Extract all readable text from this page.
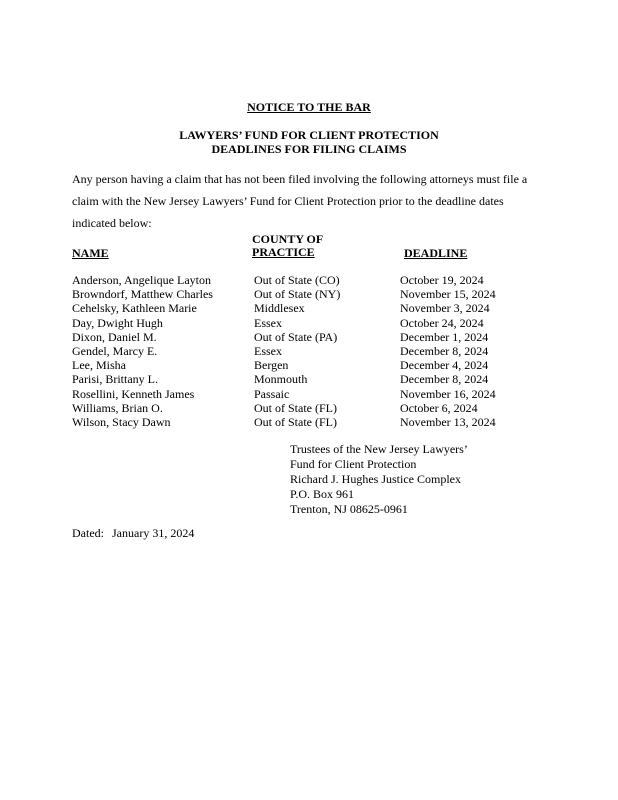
NOTICE TO THE BAR
LAWYERS’ FUND FOR CLIENT PROTECTION
DEADLINES FOR FILING CLAIMS
Any person having a claim that has not been filed involving the following attorneys must file a claim with the New Jersey Lawyers’ Fund for Client Protection prior to the deadline dates indicated below:
NAME
COUNTY OF
PRACTICE	DEADLINE
Anderson, Angelique Layton	Out of State (CO)	October 19, 2024
Browndorf, Matthew Charles	Out of State (NY)	November 15, 2024
Cehelsky, Kathleen Marie	Middlesex	November 3, 2024
Day, Dwight Hugh	Essex	October 24, 2024
Dixon, Daniel M.	Out of State (PA)	December 1, 2024
Gendel, Marcy E.	Essex	December 8, 2024
Lee, Misha	Bergen	December 4, 2024
Parisi, Brittany L.	Monmouth	December 8, 2024
Rosellini, Kenneth James	Passaic	November 16, 2024
Williams, Brian O.	Out of State (FL)	October 6, 2024
Wilson, Stacy Dawn	Out of State (FL)	November 13, 2024
Trustees of the New Jersey Lawyers’
Fund for Client Protection
Richard J. Hughes Justice Complex
P.O. Box 961
Trenton, NJ 08625-0961
Dated: January 31, 2024
